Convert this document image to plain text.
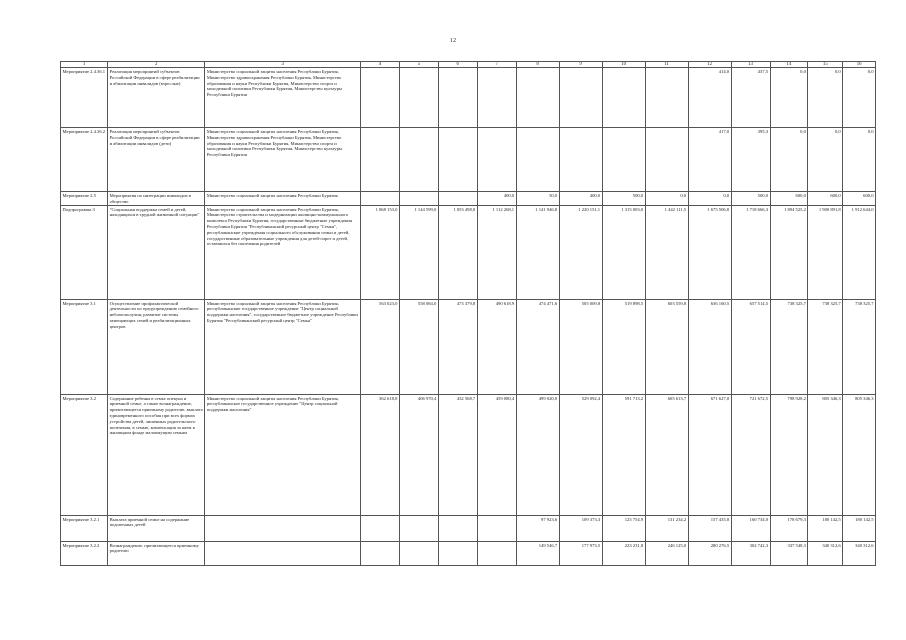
12
1	2	3	4	5	6	7	8	9	10	11	12	13	14	15	16
Мероприятие 2.4.36.1	Реализация мероприятий субъектов Российской Федерации в сфере реабилитации и абилитации инвалидов (взрослые)	Министерство социальной защиты населения Республики Бурятия, Министерство здравоохранения Республики Бурятия, Министерство образования и науки Республики Бурятия, Министерство спорта и молодежной политики Республики Бурятия, Министерство культуры Республики Бурятия									414,0	437,5	0,0	0,0	0,0
Мероприятие 2.4.36.2	Реализация мероприятий субъектов Российской Федерации в сфере реабилитации и абилитации инвалидов (дети)	Министерство социальной защиты населения Республики Бурятия, Министерство здравоохранения Республики Бурятия, Министерство образования и науки Республики Бурятия, Министерство спорта и молодежной политики Республики Бурятия, Министерство культуры Республики Бурятия									417,0	395,3	0,0	0,0	0,0
Мероприятие 2.5	Мероприятия по интеграции инвалидов в общество	Министерство социальной защиты населения Республики Бурятия				400,0	50,0	400,0	500,0	0,0	0,0	500,0	600,0	600,0	600,0
Подпрограмма 3	"Социальная поддержка семей и детей, находящихся в трудной жизненной ситуации"	Министерство социальной защиты населения Республики Бурятия, Министерство строительства и модернизации жилищно-коммунального комплекса Республики Бурятия, государственные бюджетные учреждения Республики Бурятия "Республиканский ресурсный центр "Семья", республиканские учреждения социального обслуживания семьи и детей, государственные образовательные учреждения для детей-сирот и детей, оставшихся без попечения родителей	1 068 153,0	1 144 599,0	1 053 498,0	1 112 268,1	1 141 946,8	1 220 151,1	1 315 003,0	1 442 111,5	1 675 506,8	1 718 666,3	1 894 525,2	1 900 891,8	1 912 644,0
Мероприятие 3.1	Осуществление профилактической деятельности по предупреждению семейного неблагополучия; развитие системы замещающих семей и реабилитационных центров	Министерство социальной защиты населения Республики Бурятия, республиканские государственное учреждение "Центр социальной поддержки населения", государственное бюджетное учреждение Республики Бурятия "Республиканский ресурсный центр "Семья"	563 023,0	558 084,0	473 379,8	490 618,9	474 471,6	505 009,8	519 898,5	603 559,8	636 160,5	657 514,5	738 325,7	738 325,7	738 325,7
Мероприятие 3.2	Содержание ребенка в семье опекуна и приемной семье, а также вознаграждение, причитающееся приемному родителю, выплата единовременного пособия при всех формах устройства детей, лишенных родительского попечения, в семью, компенсация за наем в жилищном фонде малоимущим семьям	Министерство социальной защиты населения Республики Бурятия, республиканское государственное учреждение "Центр социальной поддержки населения"	362 618,8	406 970,4	432 568,7	459 080,4	499 020,0	529 092,4	591 713,2	605 613,7	671 627,0	721 672,5	798 928,2	805 346,3	805 346,3
Мероприятие 3.2.1	Выплата приемной семье на содержание подопечных детей						97 923,6	109 373,3	125 754,9	131 234,2	157 435,8	160 734,0	178 679,3	180 142,5	180 142,5
Мероприятие 3.2.2	Вознаграждение, причитающееся приемному родителю						149 546,7	177 973,5	223 231,8	246 125,0	280 276,5	302 742,3	337 548,3	340 312,6	340 312,6
